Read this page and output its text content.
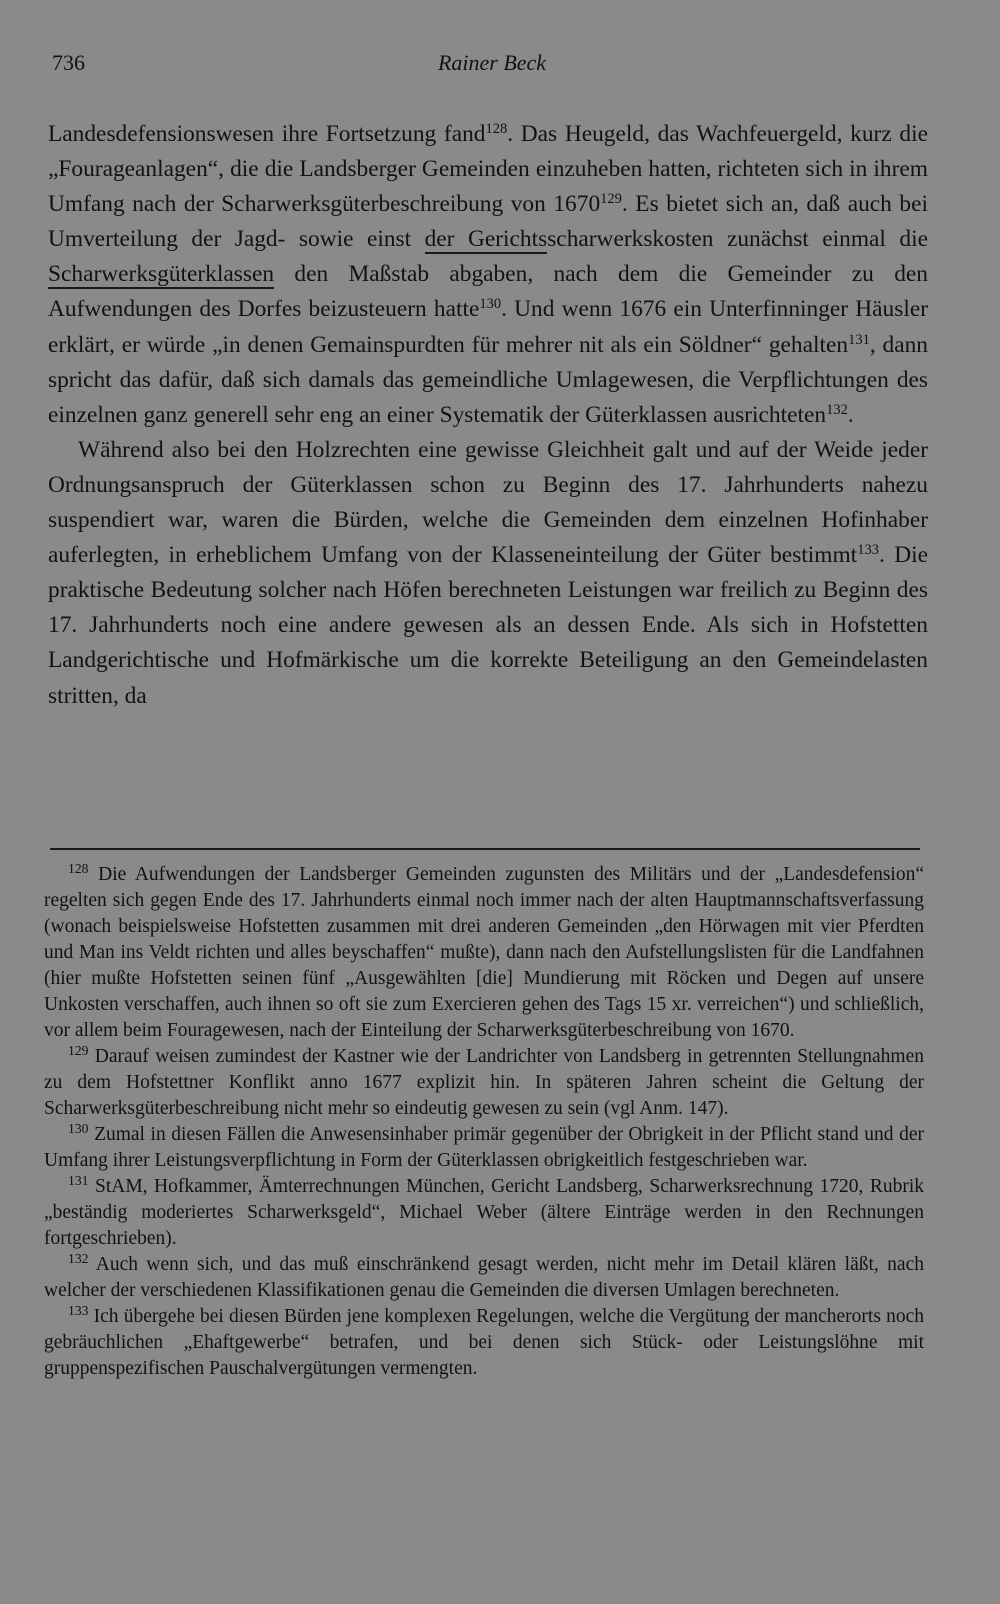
736	Rainer Beck

Landesdefensionswesen ihre Fortsetzung fand$^{128}$. Das Heugeld, das Wachfeuergeld, kurz die „Fourageanlagen“, die die Landsberger Gemeinden einzuheben hatten, richteten sich in ihrem Umfang nach der Scharwerksgüterbeschreibung von 1670$^{129}$. Es bietet sich an, daß auch bei Umverteilung der Jagd- sowie einst der Gerichtsscharwerkskosten zunächst einmal die Scharwerksgüterklassen den Maßstab abgaben, nach dem die Gemeinder zu den Aufwendungen des Dorfes beizusteuern hatte$^{130}$. Und wenn 1676 ein Unterfinninger Häusler erklärt, er würde „in denen Gemainspurdten für mehrer nit als ein Söldner“ gehalten$^{131}$, dann spricht das dafür, daß sich damals das gemeindliche Umlagewesen, die Verpflichtungen des einzelnen ganz generell sehr eng an einer Systematik der Güterklassen ausrichteten$^{132}$.

Während also bei den Holzrechten eine gewisse Gleichheit galt und auf der Weide jeder Ordnungsanspruch der Güterklassen schon zu Beginn des 17. Jahrhunderts nahezu suspendiert war, waren die Bürden, welche die Gemeinden dem einzelnen Hofinhaber auferlegten, in erheblichem Umfang von der Klasseneinteilung der Güter bestimmt$^{133}$. Die praktische Bedeutung solcher nach Höfen berechneten Leistungen war freilich zu Beginn des 17. Jahrhunderts noch eine andere gewesen als an dessen Ende. Als sich in Hofstetten Landgerichtische und Hofmärkische um die korrekte Beteiligung an den Gemeindelasten stritten, da

$^{128}$ Die Aufwendungen der Landsberger Gemeinden zugunsten des Militärs und der „Landesdefension“ regelten sich gegen Ende des 17. Jahrhunderts einmal noch immer nach der alten Hauptmannschaftsverfassung (wonach beispielsweise Hofstetten zusammen mit drei anderen Gemeinden „den Hörwagen mit vier Pferdten und Man ins Veldt richten und alles beyschaffen“ mußte), dann nach den Aufstellungslisten für die Landfahnen (hier mußte Hofstetten seinen fünf „Ausgewählten [die] Mundierung mit Röcken und Degen auf unsere Unkosten verschaffen, auch ihnen so oft sie zum Exercieren gehen des Tags 15 xr. verreichen“) und schließlich, vor allem beim Fouragewesen, nach der Einteilung der Scharwerksgüterbeschreibung von 1670.

$^{129}$ Darauf weisen zumindest der Kastner wie der Landrichter von Landsberg in getrennten Stellungnahmen zu dem Hofstettner Konflikt anno 1677 explizit hin. In späteren Jahren scheint die Geltung der Scharwerksgüterbeschreibung nicht mehr so eindeutig gewesen zu sein (vgl Anm. 147).

$^{130}$ Zumal in diesen Fällen die Anwesensinhaber primär gegenüber der Obrigkeit in der Pflicht stand und der Umfang ihrer Leistungsverpflichtung in Form der Güterklassen obrigkeitlich festgeschrieben war.

$^{131}$ StAM, Hofkammer, Ämterrechnungen München, Gericht Landsberg, Scharwerksrechnung 1720, Rubrik „beständig moderiertes Scharwerksgeld“, Michael Weber (ältere Einträge werden in den Rechnungen fortgeschrieben).

$^{132}$ Auch wenn sich, und das muß einschränkend gesagt werden, nicht mehr im Detail klären läßt, nach welcher der verschiedenen Klassifikationen genau die Gemeinden die diversen Umlagen berechneten.

$^{133}$ Ich übergehe bei diesen Bürden jene komplexen Regelungen, welche die Vergütung der mancherorts noch gebräuchlichen „Ehaftgewerbe“ betrafen, und bei denen sich Stück- oder Leistungslöhne mit gruppenspezifischen Pauschalvergütungen vermengten.
